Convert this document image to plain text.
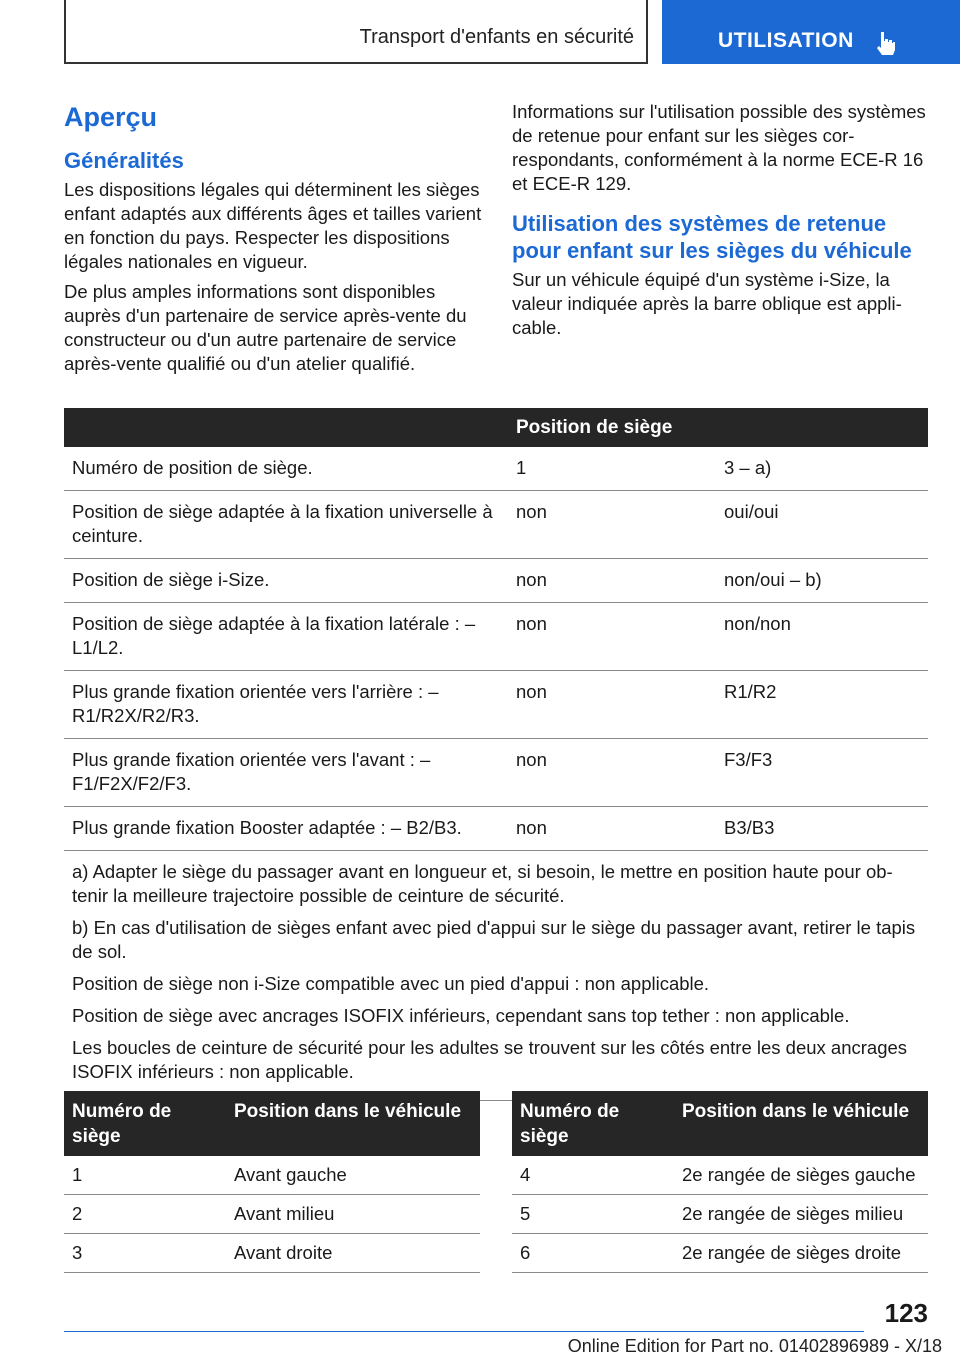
Transport d'enfants en sécurité	UTILISATION
Aperçu
Généralités

Les dispositions légales qui déterminent les sièges enfant adaptés aux différents âges et tailles varient en fonction du pays. Respecter les dispositions légales nationales en vigueur.

De plus amples informations sont disponibles auprès d'un partenaire de service après-vente du constructeur ou d'un autre partenaire de service après-vente qualifié ou d'un atelier qualifié.

Informations sur l'utilisation possible des systèmes de retenue pour enfant sur les sièges correspondants, conformément à la norme ECE-R 16 et ECE-R 129.

Utilisation des systèmes de retenue pour enfant sur les sièges du véhicule

Sur un véhicule équipé d'un système i-Size, la valeur indiquée après la barre oblique est applicable.

	Position de siège	
Numéro de position de siège.	1	3 – a)
Position de siège adaptée à la fixation universelle à ceinture.	non	oui/oui
Position de siège i-Size.	non	non/oui – b)
Position de siège adaptée à la fixation latérale : – L1/L2.	non	non/non
Plus grande fixation orientée vers l'arrière : – R1/R2X/R2/R3.	non	R1/R2
Plus grande fixation orientée vers l'avant : – F1/F2X/F2/F3.	non	F3/F3
Plus grande fixation Booster adaptée : – B2/B3.	non	B3/B3

a) Adapter le siège du passager avant en longueur et, si besoin, le mettre en position haute pour obtenir la meilleure trajectoire possible de ceinture de sécurité.

b) En cas d'utilisation de sièges enfant avec pied d'appui sur le siège du passager avant, retirer le tapis de sol.

Position de siège non i-Size compatible avec un pied d'appui : non applicable.

Position de siège avec ancrages ISOFIX inférieurs, cependant sans top tether : non applicable.

Les boucles de ceinture de sécurité pour les adultes se trouvent sur les côtés entre les deux ancrages ISOFIX inférieurs : non applicable.		

Numéro de siège	Position dans le véhicule
1	Avant gauche
2	Avant milieu
3	Avant droite
Numéro de siège	Position dans le véhicule
4	2e rangée de sièges gauche
5	2e rangée de sièges milieu
6	2e rangée de sièges droite
123
Online Edition for Part no. 01402896989 - X/18
